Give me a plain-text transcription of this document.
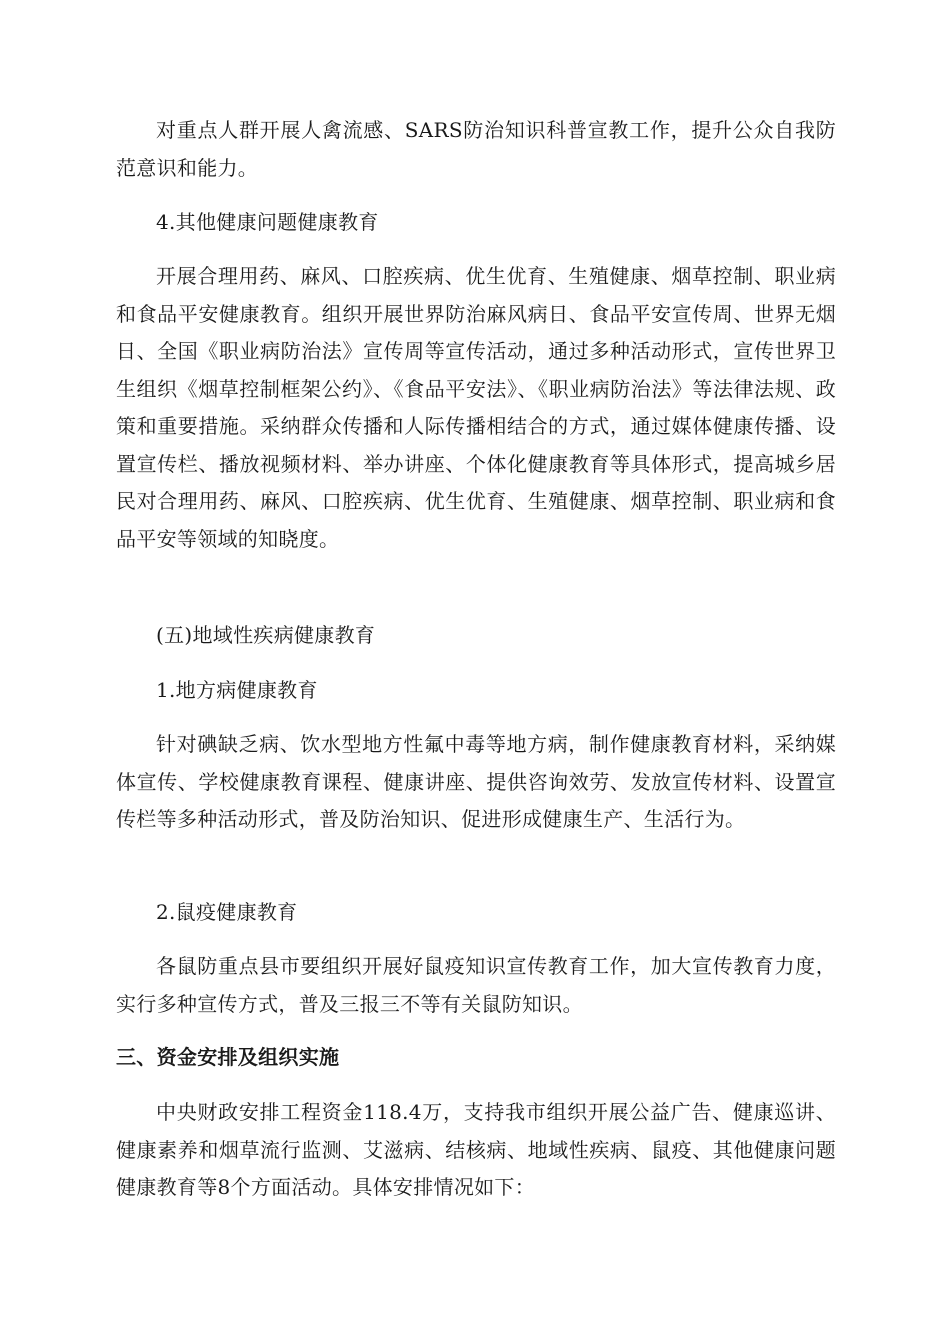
对重点人群开展人禽流感、SARS防治知识科普宣教工作，提升公众自我防范意识和能力。

4.其他健康问题健康教育

开展合理用药、麻风、口腔疾病、优生优育、生殖健康、烟草控制、职业病和食品平安健康教育。组织开展世界防治麻风病日、食品平安宣传周、世界无烟日、全国《职业病防治法》宣传周等宣传活动，通过多种活动形式，宣传世界卫生组织《烟草控制框架公约》、《食品平安法》、《职业病防治法》等法律法规、政策和重要措施。采纳群众传播和人际传播相结合的方式，通过媒体健康传播、设置宣传栏、播放视频材料、举办讲座、个体化健康教育等具体形式，提高城乡居民对合理用药、麻风、口腔疾病、优生优育、生殖健康、烟草控制、职业病和食品平安等领域的知晓度。

(五)地域性疾病健康教育

1.地方病健康教育

针对碘缺乏病、饮水型地方性氟中毒等地方病，制作健康教育材料，采纳媒体宣传、学校健康教育课程、健康讲座、提供咨询效劳、发放宣传材料、设置宣传栏等多种活动形式，普及防治知识、促进形成健康生产、生活行为。

2.鼠疫健康教育

各鼠防重点县市要组织开展好鼠疫知识宣传教育工作，加大宣传教育力度，实行多种宣传方式，普及三报三不等有关鼠防知识。

三、资金安排及组织实施

中央财政安排工程资金118.4万，支持我市组织开展公益广告、健康巡讲、健康素养和烟草流行监测、艾滋病、结核病、地域性疾病、鼠疫、其他健康问题健康教育等8个方面活动。具体安排情况如下：
